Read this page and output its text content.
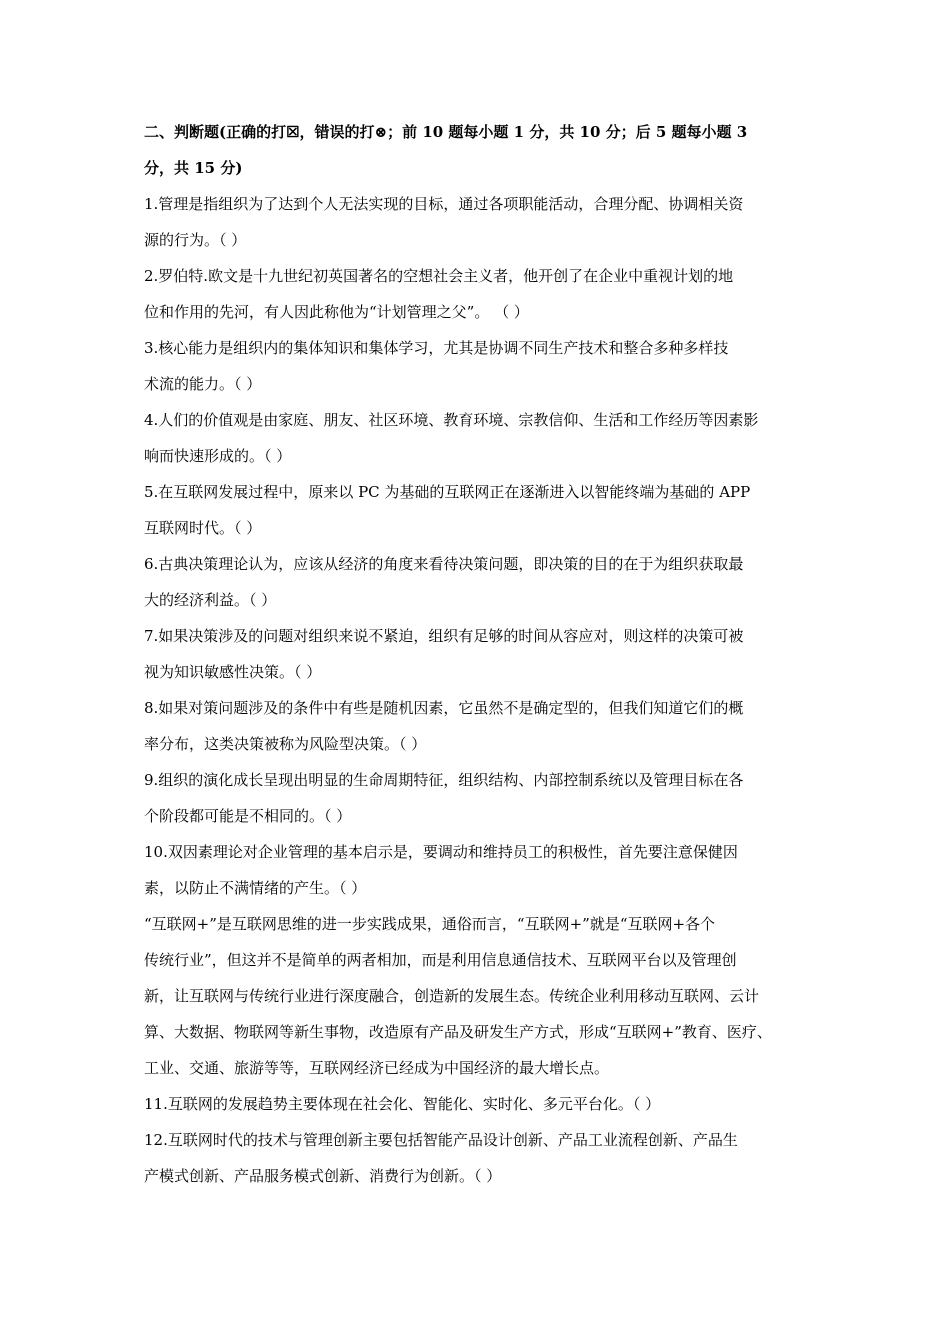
二、判断题(正确的打☒，错误的打⊗；前 10 题每小题 1 分，共 10 分；后 5 题每小题 3
分，共 15 分)
1.管理是指组织为了达到个人无法实现的目标，通过各项职能活动，合理分配、协调相关资
源的行为。（ ）
2.罗伯特.欧文是十九世纪初英国著名的空想社会主义者，他开创了在企业中重视计划的地
位和作用的先河，有人因此称他为“计划管理之父”。 （ ）
3.核心能力是组织内的集体知识和集体学习，尤其是协调不同生产技术和整合多种多样技
术流的能力。（ ）
4.人们的价值观是由家庭、朋友、社区环境、教育环境、宗教信仰、生活和工作经历等因素影
响而快速形成的。（ ）
5.在互联网发展过程中，原来以 PC 为基础的互联网正在逐渐进入以智能终端为基础的 APP
互联网时代。（ ）
6.古典决策理论认为，应该从经济的角度来看待决策问题，即决策的目的在于为组织获取最
大的经济利益。（ ）
7.如果决策涉及的问题对组织来说不紧迫，组织有足够的时间从容应对，则这样的决策可被
视为知识敏感性决策。（ ）
8.如果对策问题涉及的条件中有些是随机因素，它虽然不是确定型的，但我们知道它们的概
率分布，这类决策被称为风险型决策。（ ）
9.组织的演化成长呈现出明显的生命周期特征，组织结构、内部控制系统以及管理目标在各
个阶段都可能是不相同的。（ ）
10.双因素理论对企业管理的基本启示是，要调动和维持员工的积极性，首先要注意保健因
素，以防止不满情绪的产生。（ ）
“互联网+”是互联网思维的进一步实践成果，通俗而言，“互联网+”就是“互联网+各个
传统行业”，但这并不是简单的两者相加，而是利用信息通信技术、互联网平台以及管理创
新，让互联网与传统行业进行深度融合，创造新的发展生态。传统企业利用移动互联网、云计
算、大数据、物联网等新生事物，改造原有产品及研发生产方式，形成“互联网+”教育、医疗、
工业、交通、旅游等等，互联网经济已经成为中国经济的最大增长点。
11.互联网的发展趋势主要体现在社会化、智能化、实时化、多元平台化。（ ）
12.互联网时代的技术与管理创新主要包括智能产品设计创新、产品工业流程创新、产品生
产模式创新、产品服务模式创新、消费行为创新。（ ）
